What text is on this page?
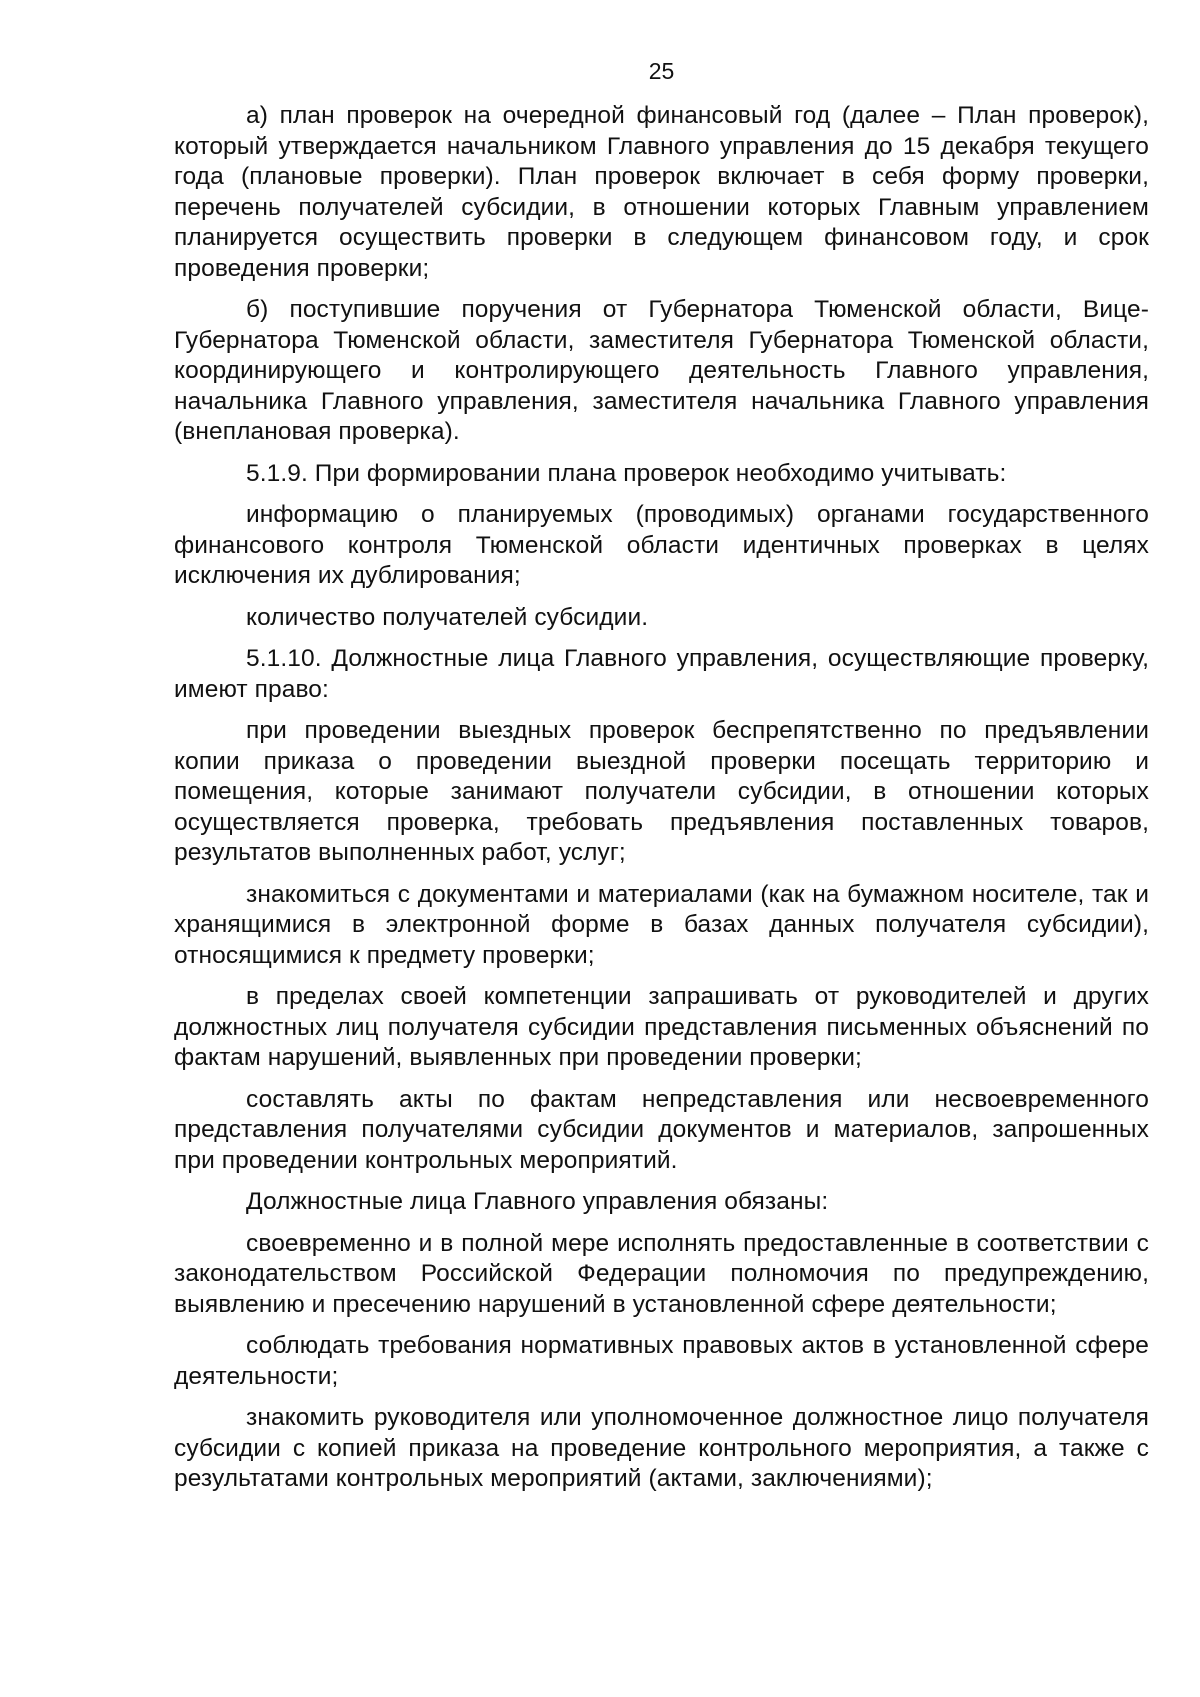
25

а) план проверок на очередной финансовый год (далее – План проверок), который утверждается начальником Главного управления до 15 декабря текущего года (плановые проверки). План проверок включает в себя форму проверки, перечень получателей субсидии, в отношении которых Главным управлением планируется осуществить проверки в следующем финансовом году, и срок проведения проверки;

б) поступившие поручения от Губернатора Тюменской области, Вице-Губернатора Тюменской области, заместителя Губернатора Тюменской области, координирующего и контролирующего деятельность Главного управления, начальника Главного управления, заместителя начальника Главного управления (внеплановая проверка).

5.1.9. При формировании плана проверок необходимо учитывать:

информацию о планируемых (проводимых) органами государственного финансового контроля Тюменской области идентичных проверках в целях исключения их дублирования;

количество получателей субсидии.

5.1.10. Должностные лица Главного управления, осуществляющие проверку, имеют право:

при проведении выездных проверок беспрепятственно по предъявлении копии приказа о проведении выездной проверки посещать территорию и помещения, которые занимают получатели субсидии, в отношении которых осуществляется проверка, требовать предъявления поставленных товаров, результатов выполненных работ, услуг;

знакомиться с документами и материалами (как на бумажном носителе, так и хранящимися в электронной форме в базах данных получателя субсидии), относящимися к предмету проверки;

в пределах своей компетенции запрашивать от руководителей и других должностных лиц получателя субсидии представления письменных объяснений по фактам нарушений, выявленных при проведении проверки;

составлять акты по фактам непредставления или несвоевременного представления получателями субсидии документов и материалов, запрошенных при проведении контрольных мероприятий.

Должностные лица Главного управления обязаны:

своевременно и в полной мере исполнять предоставленные в соответствии с законодательством Российской Федерации полномочия по предупреждению, выявлению и пресечению нарушений в установленной сфере деятельности;

соблюдать требования нормативных правовых актов в установленной сфере деятельности;

знакомить руководителя или уполномоченное должностное лицо получателя субсидии с копией приказа на проведение контрольного мероприятия, а также с результатами контрольных мероприятий (актами, заключениями);
